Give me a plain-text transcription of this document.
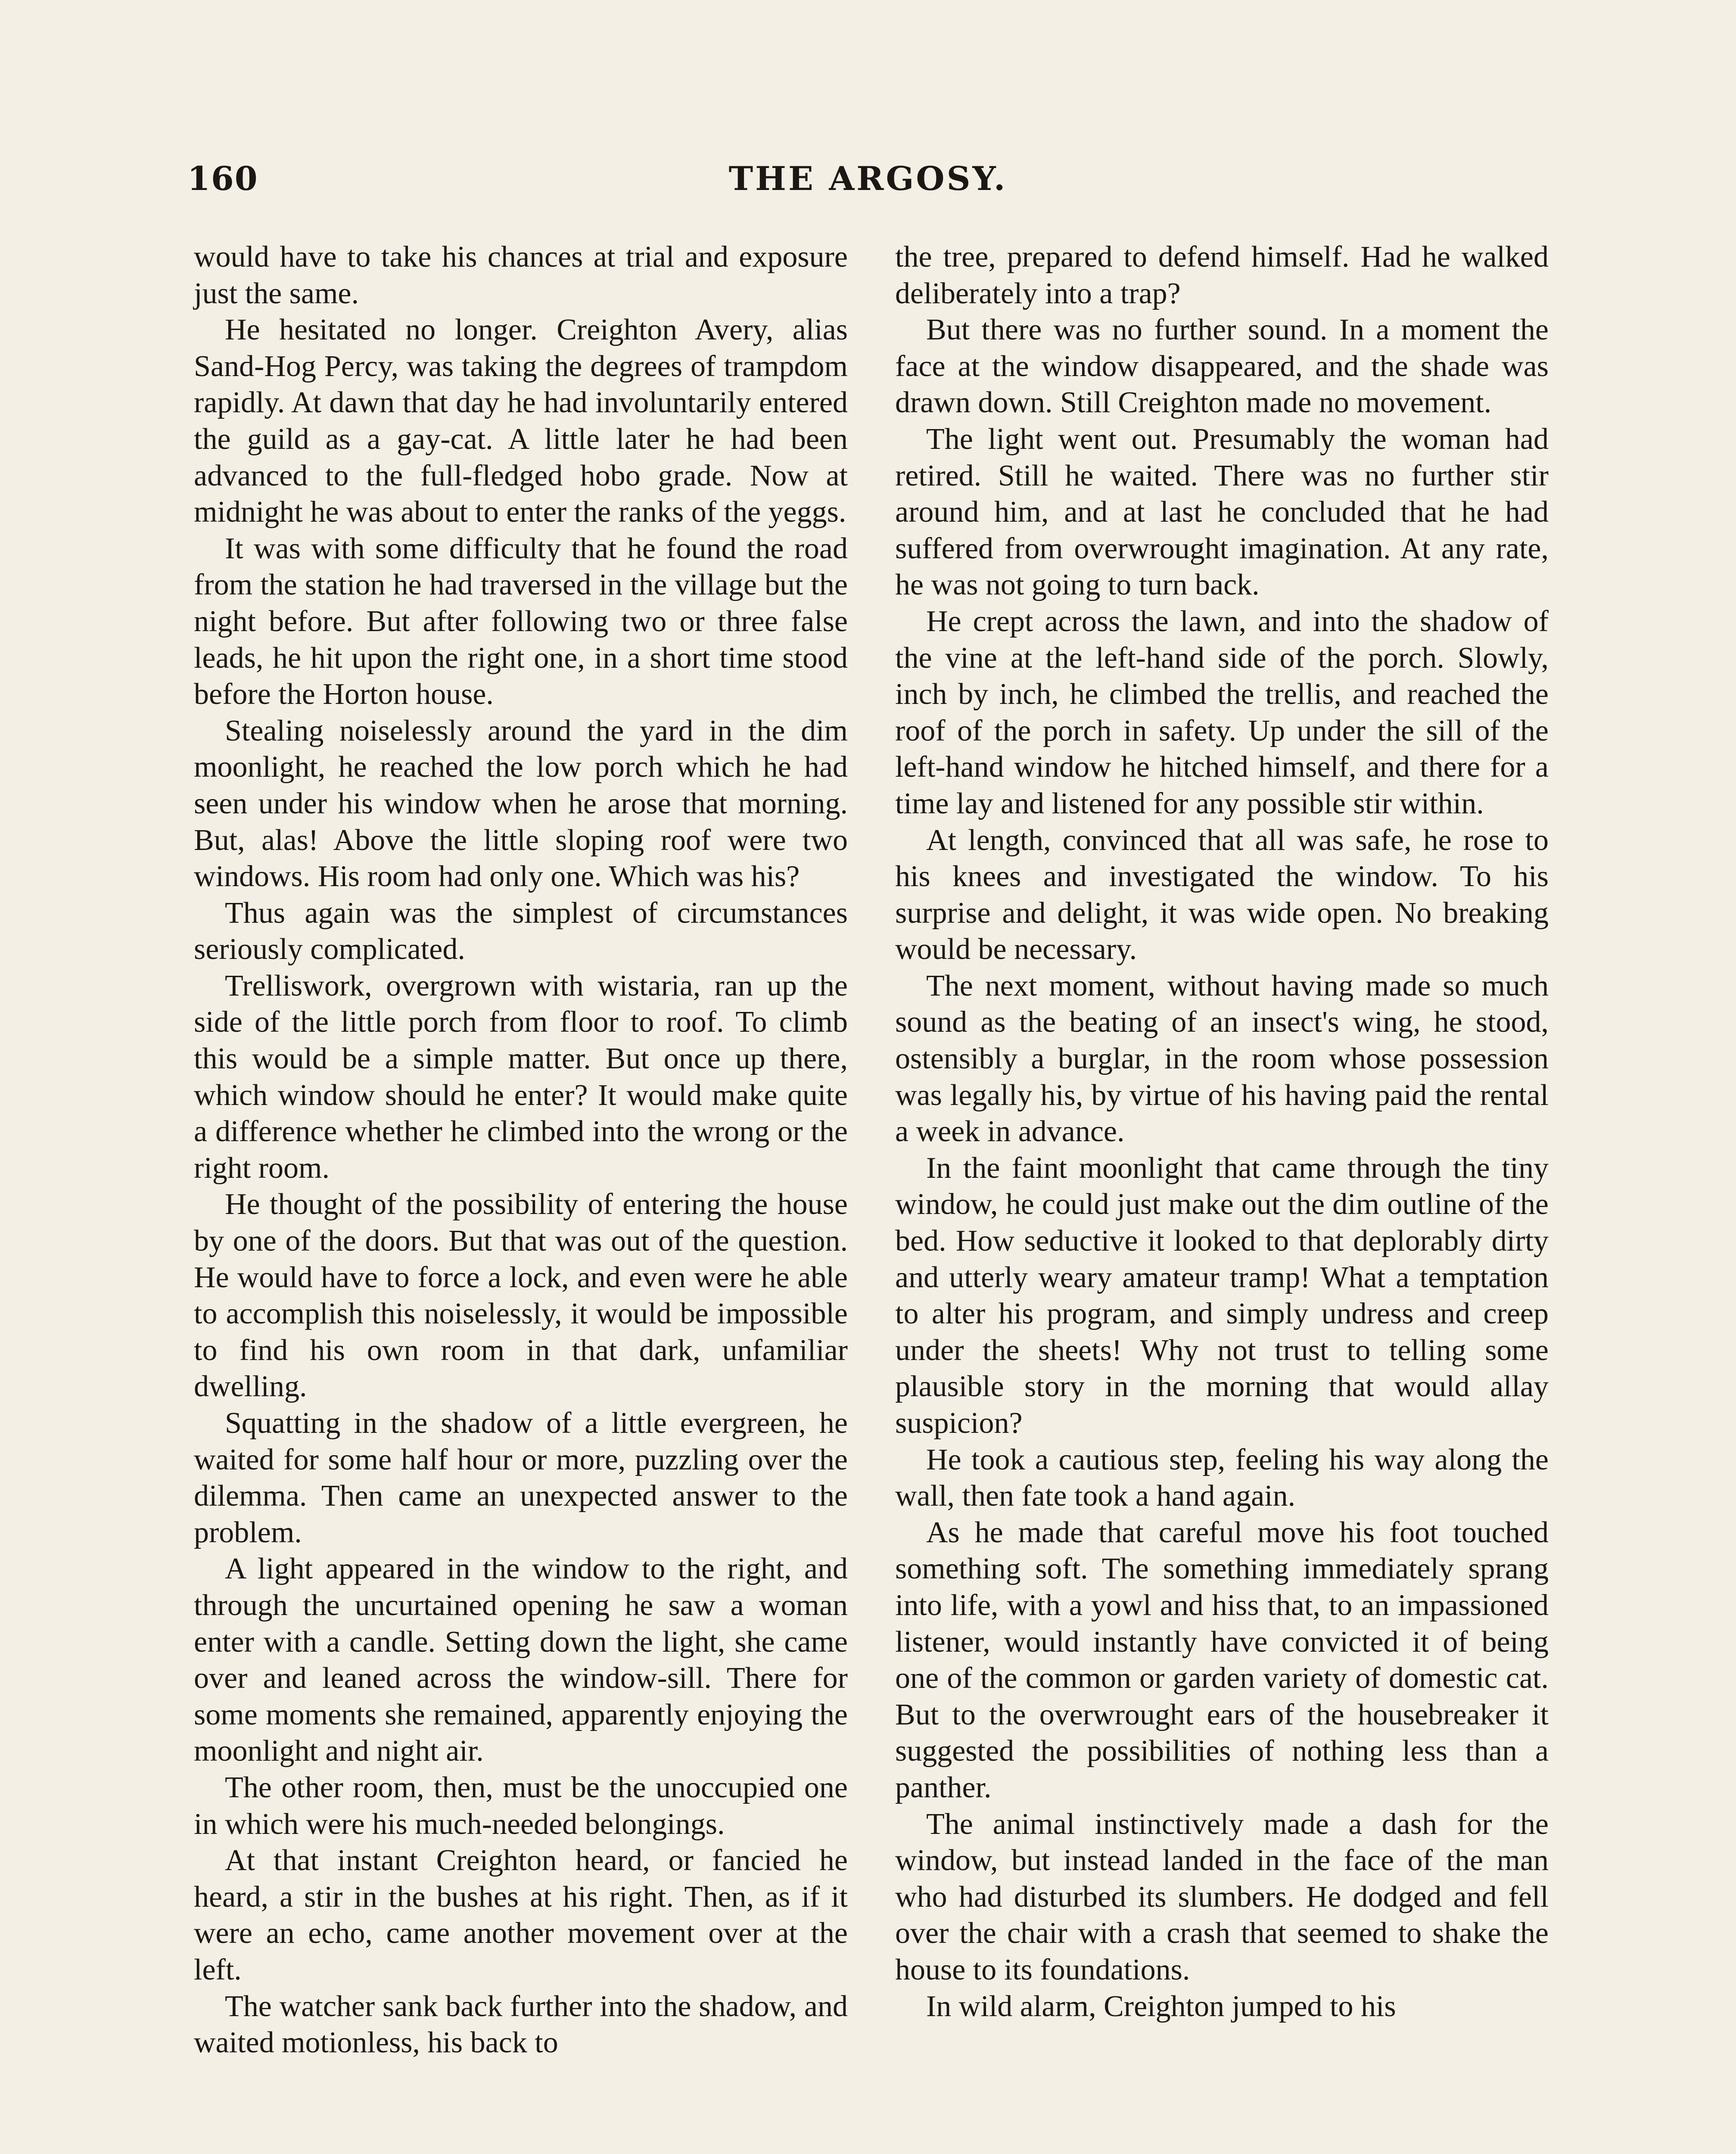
160	THE ARGOSY.

would have to take his chances at trial and exposure just the same.

He hesitated no longer. Creighton Avery, alias Sand-Hog Percy, was taking the degrees of trampdom rapidly. At dawn that day he had involuntarily entered the guild as a gay-cat. A little later he had been advanced to the full-fledged hobo grade. Now at midnight he was about to enter the ranks of the yeggs.

It was with some difficulty that he found the road from the station he had traversed in the village but the night before. But after following two or three false leads, he hit upon the right one, in a short time stood before the Horton house.

Stealing noiselessly around the yard in the dim moonlight, he reached the low porch which he had seen under his window when he arose that morning. But, alas! Above the little sloping roof were two windows. His room had only one. Which was his?

Thus again was the simplest of circumstances seriously complicated.

Trelliswork, overgrown with wistaria, ran up the side of the little porch from floor to roof. To climb this would be a simple matter. But once up there, which window should he enter? It would make quite a difference whether he climbed into the wrong or the right room.

He thought of the possibility of entering the house by one of the doors. But that was out of the question. He would have to force a lock, and even were he able to accomplish this noiselessly, it would be impossible to find his own room in that dark, unfamiliar dwelling.

Squatting in the shadow of a little evergreen, he waited for some half hour or more, puzzling over the dilemma. Then came an unexpected answer to the problem.

A light appeared in the window to the right, and through the uncurtained opening he saw a woman enter with a candle. Setting down the light, she came over and leaned across the window-sill. There for some moments she remained, apparently enjoying the moonlight and night air.

The other room, then, must be the unoccupied one in which were his much-needed belongings.

At that instant Creighton heard, or fancied he heard, a stir in the bushes at his right. Then, as if it were an echo, came another movement over at the left.

The watcher sank back further into the shadow, and waited motionless, his back to

the tree, prepared to defend himself. Had he walked deliberately into a trap?

But there was no further sound. In a moment the face at the window disappeared, and the shade was drawn down. Still Creighton made no movement.

The light went out. Presumably the woman had retired. Still he waited. There was no further stir around him, and at last he concluded that he had suffered from overwrought imagination. At any rate, he was not going to turn back.

He crept across the lawn, and into the shadow of the vine at the left-hand side of the porch. Slowly, inch by inch, he climbed the trellis, and reached the roof of the porch in safety. Up under the sill of the left-hand window he hitched himself, and there for a time lay and listened for any possible stir within.

At length, convinced that all was safe, he rose to his knees and investigated the window. To his surprise and delight, it was wide open. No breaking would be necessary.

The next moment, without having made so much sound as the beating of an insect's wing, he stood, ostensibly a burglar, in the room whose possession was legally his, by virtue of his having paid the rental a week in advance.

In the faint moonlight that came through the tiny window, he could just make out the dim outline of the bed. How seductive it looked to that deplorably dirty and utterly weary amateur tramp! What a temptation to alter his program, and simply undress and creep under the sheets! Why not trust to telling some plausible story in the morning that would allay suspicion?

He took a cautious step, feeling his way along the wall, then fate took a hand again.

As he made that careful move his foot touched something soft. The something immediately sprang into life, with a yowl and hiss that, to an impassioned listener, would instantly have convicted it of being one of the common or garden variety of domestic cat. But to the overwrought ears of the housebreaker it suggested the possibilities of nothing less than a panther.

The animal instinctively made a dash for the window, but instead landed in the face of the man who had disturbed its slumbers. He dodged and fell over the chair with a crash that seemed to shake the house to its foundations.

In wild alarm, Creighton jumped to his
